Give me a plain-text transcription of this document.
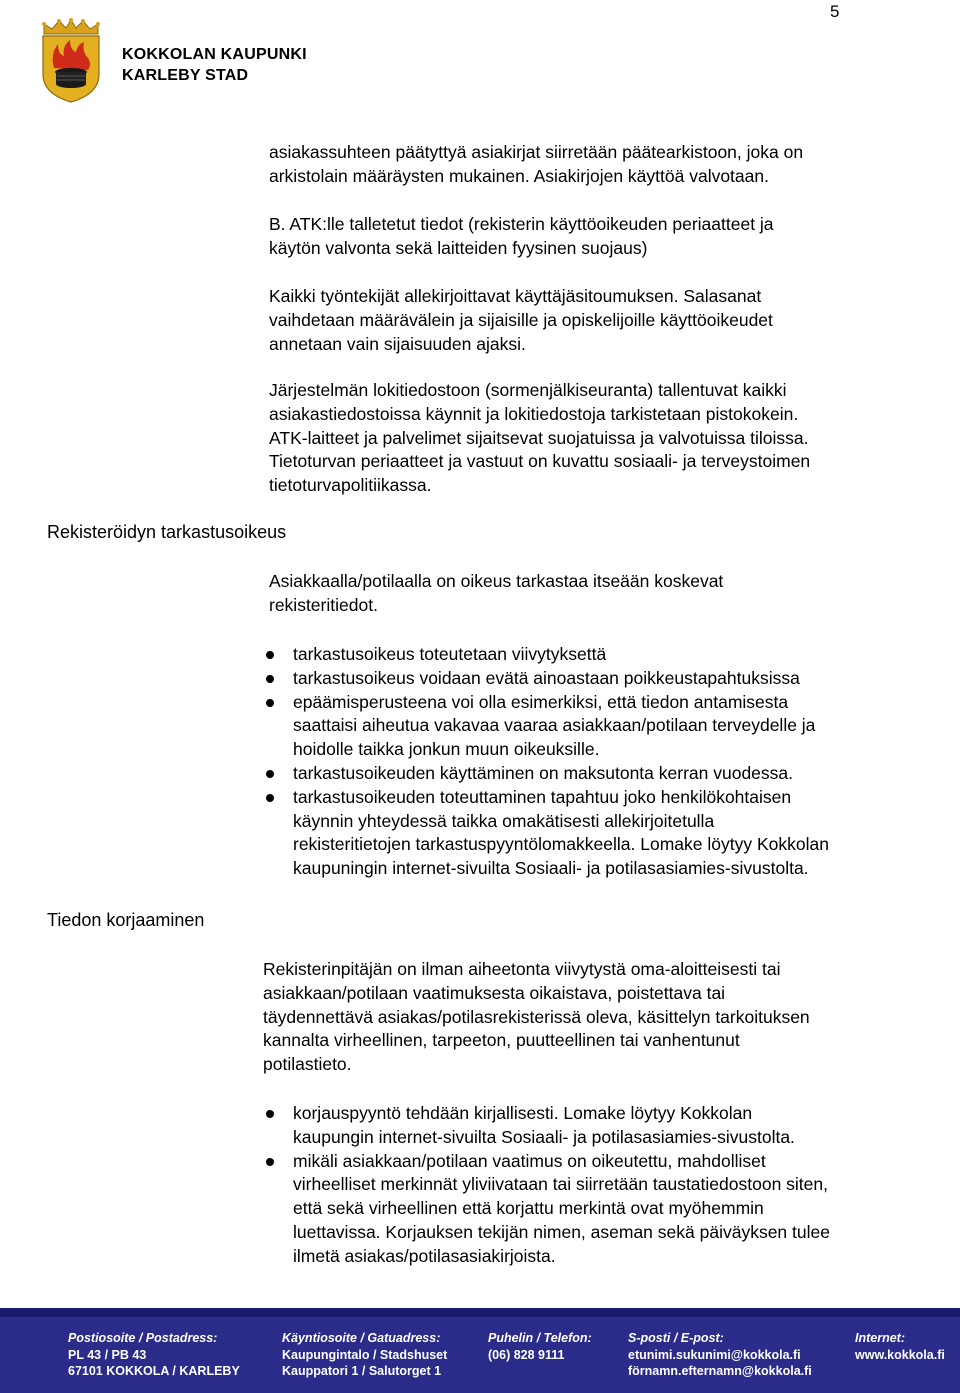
5
KOKKOLAN KAUPUNKI
KARLEBY STAD

asiakassuhteen päätyttyä asiakirjat siirretään päätearkistoon, joka on
arkistolain määräysten mukainen. Asiakirjojen käyttöä valvotaan.

B. ATK:lle talletetut tiedot (rekisterin käyttöoikeuden periaatteet ja
käytön valvonta sekä laitteiden fyysinen suojaus)

Kaikki työntekijät allekirjoittavat käyttäjäsitoumuksen. Salasanat
vaihdetaan määrävälein ja sijaisille ja opiskelijoille käyttöoikeudet
annetaan vain sijaisuuden ajaksi.

Järjestelmän lokitiedostoon (sormenjälkiseuranta) tallentuvat kaikki
asiakastiedostoissa käynnit ja lokitiedostoja tarkistetaan pistokokein.
ATK-laitteet ja palvelimet sijaitsevat suojatuissa ja valvotuissa tiloissa.
Tietoturvan periaatteet ja vastuut on kuvattu sosiaali- ja terveystoimen
tietoturvapolitiikassa.

Rekisteröidyn tarkastusoikeus

Asiakkaalla/potilaalla on oikeus tarkastaa itseään koskevat
rekisteritiedot.

tarkastusoikeus toteutetaan viivytyksettä
tarkastusoikeus voidaan evätä ainoastaan poikkeustapahtuksissa
epäämisperusteena voi olla esimerkiksi, että tiedon antamisesta
saattaisi aiheutua vakavaa vaaraa asiakkaan/potilaan terveydelle ja
hoidolle taikka jonkun muun oikeuksille.
tarkastusoikeuden käyttäminen on maksutonta kerran vuodessa.
tarkastusoikeuden toteuttaminen tapahtuu joko henkilökohtaisen
käynnin yhteydessä taikka omakätisesti allekirjoitetulla
rekisteritietojen tarkastuspyyntölomakkeella. Lomake löytyy Kokkolan
kaupuningin internet-sivuilta Sosiaali- ja potilasasiamies-sivustolta.
Tiedon korjaaminen

Rekisterinpitäjän on ilman aiheetonta viivytystä oma-aloitteisesti tai
asiakkaan/potilaan vaatimuksesta oikaistava, poistettava tai
täydennettävä asiakas/potilasrekisterissä oleva, käsittelyn tarkoituksen
kannalta virheellinen, tarpeeton, puutteellinen tai vanhentunut
potilastieto.

korjauspyyntö tehdään kirjallisesti. Lomake löytyy Kokkolan
kaupungin internet-sivuilta Sosiaali- ja potilasasiamies-sivustolta.
mikäli asiakkaan/potilaan vaatimus on oikeutettu, mahdolliset
virheelliset merkinnät yliviivataan tai siirretään taustatiedostoon siten,
että sekä virheellinen että korjattu merkintä ovat myöhemmin
luettavissa. Korjauksen tekijän nimen, aseman sekä päiväyksen tulee
ilmetä asiakas/potilasasiakirjoista.
Postiosoite / Postadress:
PL 43 / PB 43
67101 KOKKOLA / KARLEBY
Käyntiosoite / Gatuadress:
Kaupungintalo / Stadshuset
Kauppatori 1 / Salutorget 1
Puhelin / Telefon:
(06) 828 9111
S-posti / E-post:
etunimi.sukunimi@kokkola.fi
förnamn.efternamn@kokkola.fi
Internet:
www.kokkola.fi
